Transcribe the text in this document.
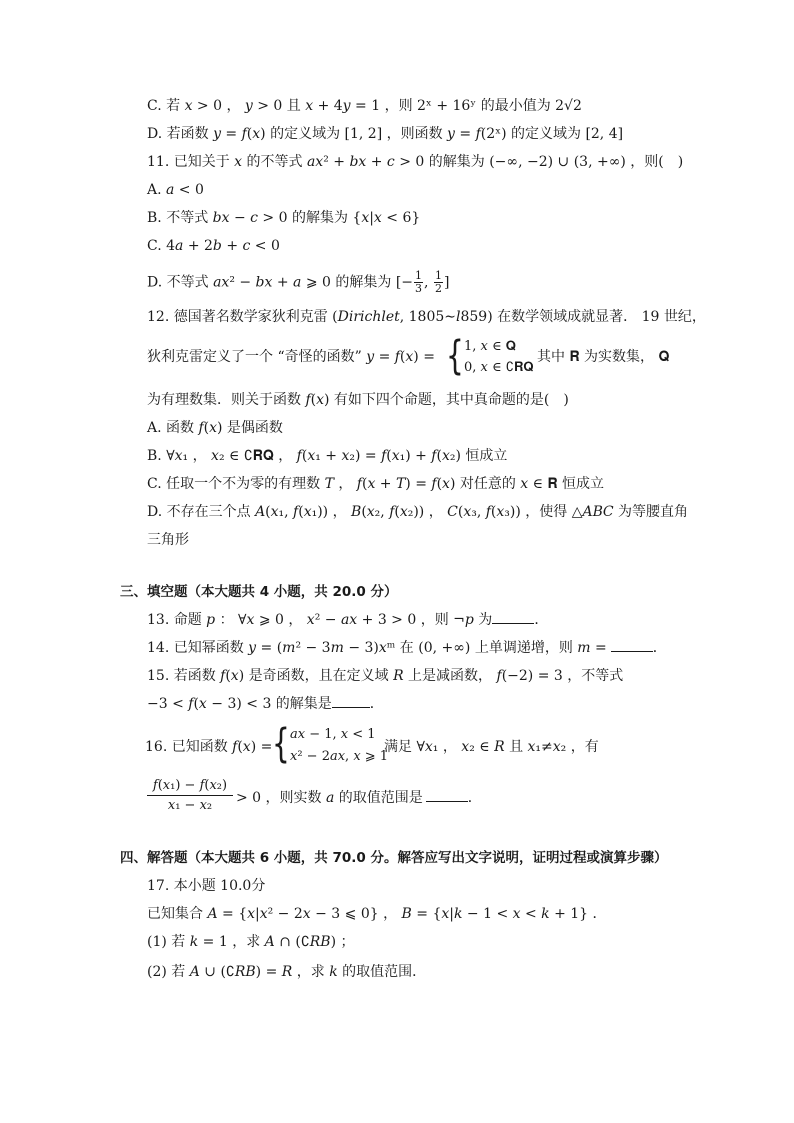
C. 若 𝑥 > 0 ， 𝑦 > 0 且 𝑥 + 4𝑦 = 1 ，则 2ˣ + 16ʸ 的最小值为 2√2
D. 若函数 𝑦 = 𝑓(𝑥) 的定义域为 [1, 2] ，则函数 𝑦 = 𝑓(2ˣ) 的定义域为 [2, 4]
11. 已知关于 𝑥 的不等式 𝑎𝑥² + 𝑏𝑥 + 𝑐 > 0 的解集为 (−∞, −2) ∪ (3, +∞) ，则(　)
A. 𝑎 < 0
B. 不等式 𝑏𝑥 − 𝑐 > 0 的解集为 {𝑥|𝑥 < 6}
C. 4𝑎 + 2𝑏 + 𝑐 < 0
D. 不等式 𝑎𝑥² − 𝑏𝑥 + 𝑎 ⩾ 0 的解集为 [− $\frac{1}{3}$ , $\frac{1}{2}$ ]
12. 德国著名数学家狄利克雷 (𝐷𝑖𝑟𝑖𝑐ℎ𝑙𝑒𝑡, 1805∼𝑙859) 在数学领域成就显著． 19 世纪，
狄利克雷定义了一个 “奇怪的函数” 𝑦 = 𝑓(𝑥) = { 1, 𝑥 ∈ 𝐐
0, 𝑥 ∈ ∁𝐑𝐐
其中 𝐑 为实数集， 𝐐
为有理数集．则关于函数 𝑓(𝑥) 有如下四个命题，其中真命题的是(　)
A. 函数 𝑓(𝑥) 是偶函数
B. ∀𝑥₁ ， 𝑥₂ ∈ ∁𝐑𝐐 ， 𝑓(𝑥₁ + 𝑥₂) = 𝑓(𝑥₁) + 𝑓(𝑥₂) 恒成立
C. 任取一个不为零的有理数 𝑇 ， 𝑓(𝑥 + 𝑇) = 𝑓(𝑥) 对任意的 𝑥 ∈ 𝐑 恒成立
D. 不存在三个点 𝐴(𝑥₁, 𝑓(𝑥₁)) ， 𝐵(𝑥₂, 𝑓(𝑥₂)) ， 𝐶(𝑥₃, 𝑓(𝑥₃)) ，使得 △𝐴𝐵𝐶 为等腰直角
三角形
三、填空题（本大题共 4 小题，共 20.0 分）
13. 命题 𝑝 ： ∀𝑥 ⩾ 0 ， 𝑥² − 𝑎𝑥 + 3 > 0 ，则 ¬𝑝 为	．
14. 已知幂函数 𝑦 = (𝑚² − 3𝑚 − 3)𝑥ᵐ 在 (0, +∞) 上单调递增，则 𝑚 =	．
15. 若函数 𝑓(𝑥) 是奇函数，且在定义域 𝑅 上是减函数， 𝑓(−2) = 3 ，不等式
−3 < 𝑓(𝑥 − 3) < 3 的解集是	．
16. 已知函数 𝑓(𝑥) = { 𝑎𝑥 − 1, 𝑥 < 1
𝑥² − 2𝑎𝑥, 𝑥 ⩾ 1
满足 ∀𝑥₁ ， 𝑥₂ ∈ 𝑅 且 𝑥₁≠𝑥₂ ，有
𝑓(𝑥₁) − 𝑓(𝑥₂)
𝑥₁ − 𝑥₂	> 0 ，则实数 𝑎 的取值范围是	．
四、解答题（本大题共 6 小题，共 70.0 分。解答应写出文字说明，证明过程或演算步骤）
17. 本小题 10.0分
已知集合 𝐴 = {𝑥|𝑥² − 2𝑥 − 3 ⩽ 0} ， 𝐵 = {𝑥|𝑘 − 1 < 𝑥 < 𝑘 + 1} ．
(1) 若 𝑘 = 1 ，求 𝐴 ∩ (∁𝑅𝐵) ；
(2) 若 𝐴 ∪ (∁𝑅𝐵) = 𝑅 ，求 𝑘 的取值范围．
